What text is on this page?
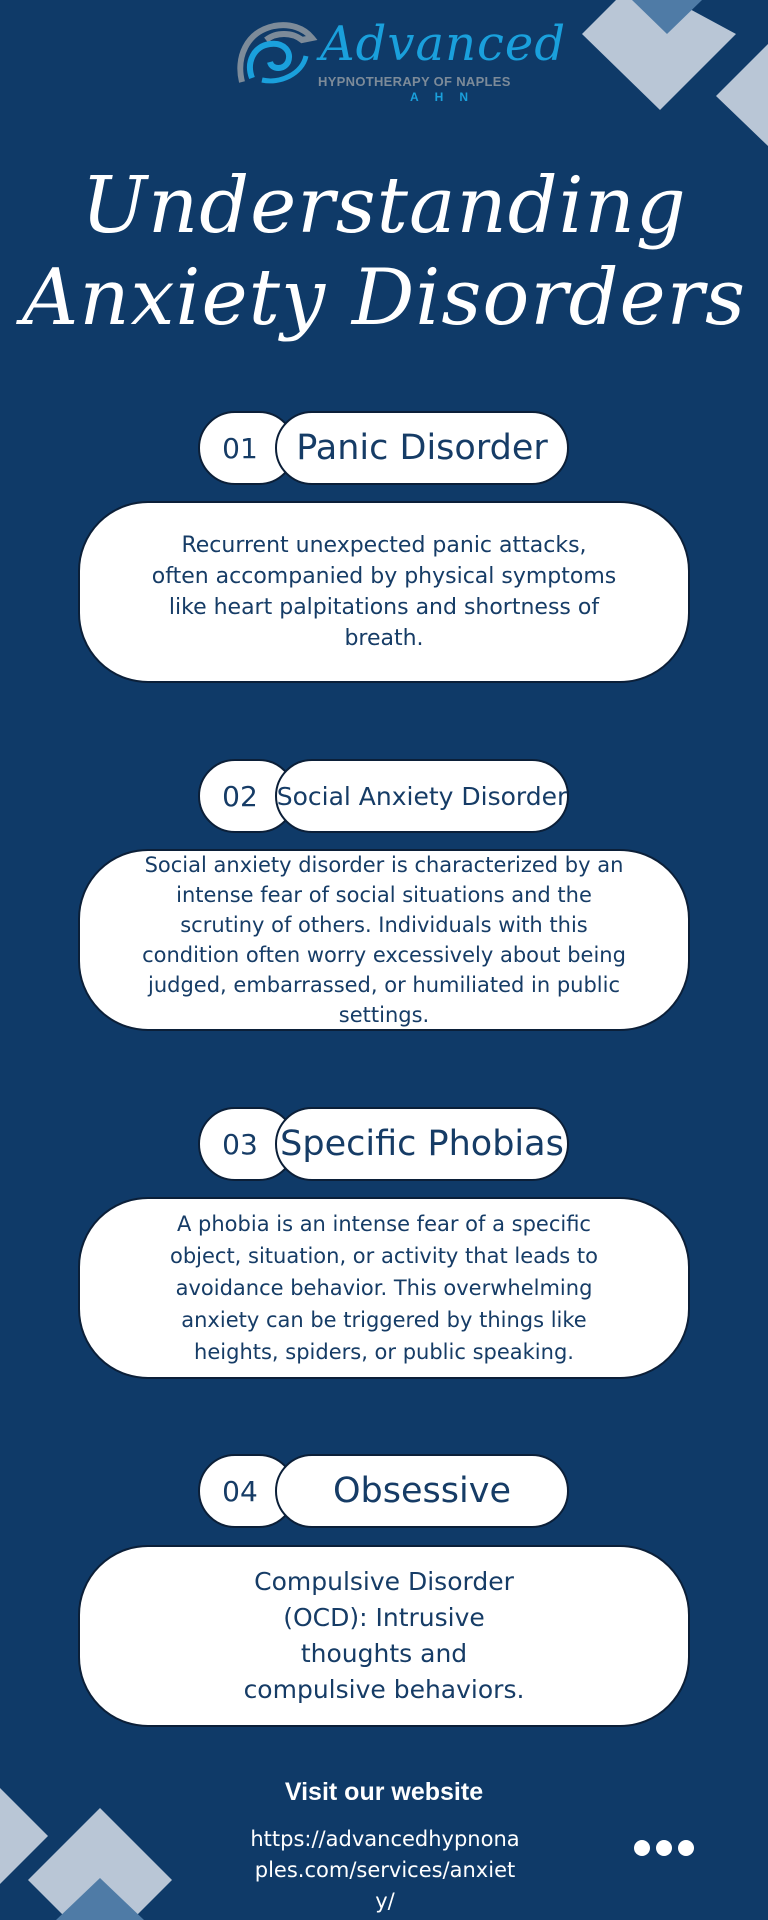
Advanced
HYPNOTHERAPY OF NAPLES
AHN
Understanding
Anxiety Disorders
01	Panic Disorder
Recurrent unexpected panic attacks, often accompanied by physical symptoms like heart palpitations and shortness of breath.
02 Social Anxiety Disorder
Social anxiety disorder is characterized by an intense fear of social situations and the scrutiny of others. Individuals with this condition often worry excessively about being judged, embarrassed, or humiliated in public settings.
03 Specific Phobias
A phobia is an intense fear of a specific object, situation, or activity that leads to avoidance behavior. This overwhelming anxiety can be triggered by things like heights, spiders, or public speaking.
04	Obsessive
Compulsive Disorder (OCD): Intrusive thoughts and compulsive behaviors.
Visit our website
https://advancedhypnonaples.com/services/anxiety/
